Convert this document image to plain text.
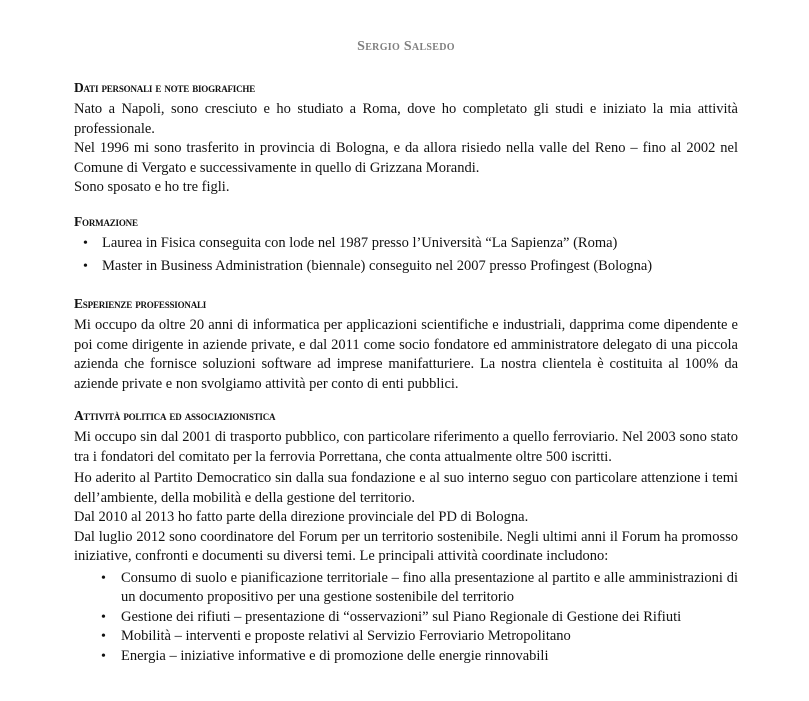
Sergio Salsedo
Dati personali e note biografiche

Nato a Napoli, sono cresciuto e ho studiato a Roma, dove ho completato gli studi e iniziato la mia attività professionale.

Nel 1996 mi sono trasferito in provincia di Bologna, e da allora risiedo nella valle del Reno – fino al 2002 nel Comune di Vergato e successivamente in quello di Grizzana Morandi.

Sono sposato e ho tre figli.

Formazione
• Laurea in Fisica conseguita con lode nel 1987 presso l’Università “La Sapienza” (Roma)
• Master in Business Administration (biennale) conseguito nel 2007 presso Profingest (Bologna)
Esperienze professionali

Mi occupo da oltre 20 anni di informatica per applicazioni scientifiche e industriali, dapprima come dipendente e poi come dirigente in aziende private, e dal 2011 come socio fondatore ed amministratore delegato di una piccola azienda che fornisce soluzioni software ad imprese manifatturiere. La nostra clientela è costituita al 100% da aziende private e non svolgiamo attività per conto di enti pubblici.

Attività politica ed associazionistica

Mi occupo sin dal 2001 di trasporto pubblico, con particolare riferimento a quello ferroviario. Nel 2003 sono stato tra i fondatori del comitato per la ferrovia Porrettana, che conta attualmente oltre 500 iscritti.

Ho aderito al Partito Democratico sin dalla sua fondazione e al suo interno seguo con particolare attenzione i temi dell’ambiente, della mobilità e della gestione del territorio.

Dal 2010 al 2013 ho fatto parte della direzione provinciale del PD di Bologna.

Dal luglio 2012 sono coordinatore del Forum per un territorio sostenibile. Negli ultimi anni il Forum ha promosso iniziative, confronti e documenti su diversi temi. Le principali attività coordinate includono:

• Consumo di suolo e pianificazione territoriale – fino alla presentazione al partito e alle amministrazioni di un documento propositivo per una gestione sostenibile del territorio
• Gestione dei rifiuti – presentazione di “osservazioni” sul Piano Regionale di Gestione dei Rifiuti
• Mobilità – interventi e proposte relativi al Servizio Ferroviario Metropolitano
• Energia – iniziative informative e di promozione delle energie rinnovabili
